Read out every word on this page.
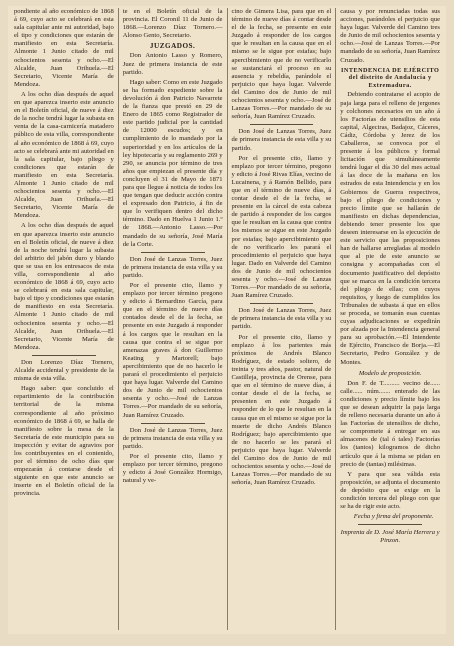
pondiente al año económico de 1868 á 69, cuyo acto se celebrará en esta sala capitular ante mi autoridad, bajo el tipo y condiciones que estarán de manifiesto en esta Secretaría. Almonte 1 Junio citado de mil ochocientos sesenta y ocho.—El Alcalde, Juan Orihuela.—El Secretario, Vicente María de Mendoza.

A los ocho días después de aquel en que aparezca inserto este anuncio en el Boletín oficial, de nueve á diez de la noche tendrá lugar la subasta en venta de la casa-carnicería matadero público de esta villa, correspondiente al año económico de 1868 á 69, cuyo acto se celebrará ante mi autoridad en la sala capitular, bajo pliego y condiciones que estarán de manifiesto en esta Secretaría. Almonte 1 Junio citado de mil ochocientos sesenta y ocho.—El Alcalde, Juan Orihuela.—El Secretario, Vicente María de Mendoza.

A los ocho días después de aquel en que aparezca inserto este anuncio en el Boletín oficial, de nueve á diez de la noche tendrá lugar la subasta del arbitrio del jabón duro y blando que se usa en los entresacos de esta villa, correspondiente al año económico de 1868 á 69, cuyo acto se celebrará en esta sala capitular, bajo el tipo y condiciones que estarán de manifiesto en esta Secretaría. Almonte 1 Junio citado de mil ochocientos sesenta y ocho.—El Alcalde, Juan Orihuela.—El Secretario, Vicente María de Mendoza.

Don Lorenzo Díaz Tornero, Alcalde accidental y presidente de la misma de esta villa.

Hago saber: que concluido el repartimiento de la contribución territorial de la misma correspondiente al año próximo económico de 1868 á 69, se halla de manifiesto sobre la mesa de la Secretaría de este municipio para su inspección y evitar de agravios por los contribuyentes en el contenido, por el término de ocho días que empezarán á contarse desde el siguiente en que este anuncio se inserte en el Boletín oficial de la provincia.

te en el Boletín oficial de la provincia. El Coronil 11 de Junio de 1868.—Lorenzo Díaz Tornero.—Alonso Gento, Secretario.

JUZGADOS.

Don Antonio Lasso y Romero, Juez de primera instancia de este partido.

Hago saber: Como en este Juzgado se ha formado expediente sobre la devolución á don Patricio Navarrete de la fianza que prestó en 29 de Enero de 1865 como Registrador de este partido judicial por la cantidad de 12000 escudos; y en cumplimiento de lo mandado por la superioridad y en los artículos de la ley hipotecaria y su reglamento 269 y 290, se anuncia por término de tres años que empiezan el presente día y concluyen el 31 de Mayo de 1871 para que llegue á noticia de todos los que tengan que deducir acción contra el expresado don Patricio, á fin de que lo verifiquen dentro del dicho término. Dado en Huelva 1 Junio 1.º de 1868.—Antonio Lasso.—Por mandado de su señoría, José María de la Corte.

Don José de Lanzas Torres, Juez de primera instancia de esta villa y su partido.

Por el presente cito, llamo y emplazo por tercer término pregono y edicto á Bernardino García, para que en el término de nueve días contados desde el de la fecha, se presente en este Juzgado á responder á los cargos que le resultan en la causa que contra el se sigue por amenazas graves á don Guillermo Keating y Martorell; bajo apercibimiento que de no hacerlo le parará el procedimiento el perjuicio que haya lugar. Valverde del Camino dos de Junio de mil ochocientos sesenta y ocho.—José de Lanzas Torres.—Por mandado de su señoría, Juan Ramírez Cruzado.

Don José de Lanzas Torres, Juez de primera instancia de esta villa y su partido.

Por el presente cito, llamo y emplazo por tercer término, pregono y edicto á José González Hormigo, natural y ve-

cino de Gimera Lisa, para que en el término de nueve días á contar desde el de la fecha, se presente en este Juzgado á responder de los cargos que le resultan en la causa que en el mismo se le sigue por estafas; bajo apercibimiento que de no verificarlo se sustanciará el proceso en su ausencia y rebeldía, parándole el perjuicio que haya lugar. Valverde del Camino dos de Junio de mil ochocientos sesenta y ocho.—José de Lanzas Torres.—Por mandado de su señoría, Juan Ramírez Cruzado.

Don José de Lanzas Torres, Juez de primera instancia de esta villa y su partido.

Por el presente cito, llamo y emplazo por tercer término, pregono y edicto á José Rivas Elías, vecino de Lucainena, y á Ramón Bellido, para que en el término de nueve días, á contar desde el de la fecha, se presente en la cárcel de esta cabeza de partido á responder de los cargos que le resultan en la causa que contra los mismos se sigue en este Juzgado por estafas; bajo apercibimiento que de no verificarlo les parará el procedimiento el perjuicio que haya lugar. Dado en Valverde del Camino dos de Junio de mil ochocientos sesenta y ocho.—José de Lanzas Torres.—Por mandado de su señoría, Juan Ramírez Cruzado.

Don José de Lanzas Torres, Juez de primera instancia de esta villa y su partido.

Por el presente cito, llamo y emplazo á los parientes más próximos de Andrés Blanco Rodríguez, de estado soltero, de treinta y tres años, pastor, natural de Castilleja, provincia de Orense, para que en el término de nueve días, á contar desde el de la fecha, se presenten en este Juzgado á responder de lo que le resultan en la causa que en el mismo se sigue por la muerte de dicho Andrés Blanco Rodríguez; bajo apercibimiento que de no hacerlo se les parará el perjuicio que haya lugar. Valverde del Camino dos de Junio de mil ochocientos sesenta y ocho.—José de Lanzas Torres.—Por mandado de su señoría, Juan Ramírez Cruzado.

causa y por renunciadas todas sus acciones, parándoles el perjuicio que haya lugar. Valverde del Camino tres de Junio de mil ochocientos sesenta y ocho.—José de Lanzas Torres.—Por mandado de su señoría, Juan Ramírez Cruzado.

INTENDENCIA DE EJÉRCITO del distrito de Andalucía y Extremadura.

Debiendo contratarse el acopio de paja larga para el relleno de jergones y colchones necesarios en un año á los Factorías de utensilios de esta capital, Algeciras, Badajoz, Cáceres, Cádiz, Córdoba y Jerez de los Caballeros, se convoca por el presente á los públicos y formal licitación que simultáneamente tendrá lugar el día 30 del mes actual á las doce de la mañana en los estrados de esta Intendencia y en los Gobiernos de Guerra respectivos, bajo el pliego de condiciones y precio límite que se hallarán de manifiesto en dichas dependencias, debiendo tener presente los que deseen interesarse en la ejecución de este servicio que las proposiciones han de hallarse arregladas al modelo que al pie de este anuncio se consigna y acompañadas con el documento justificativo del depósito que se marca en la condición tercera del pliego de ellas; con cuyos requisitos, y luego de cumplidos los Tribunales de subasta á que en ellos se proceda, se tomarán esas cuentas cuyas adjudicaciones se expedirán por alzada por la Intendencia general para su aprobación.—El Intendente de Ejército, Francisco de Borja.—El Secretario, Pedro González y de Montes.

Modelo de proposición.

Don F. de T.......... vecino de...... calle...... núm....... enterado de las condiciones y precio límite bajo los que se desean adquirir la paja larga de relleno necesaria durante un año á las Factorías de utensilios de dicho, se compromete á entregar en sus almacenes de (tal ó tales) Factorías los (tantos) kilogramos de dicho artículo que á la misma se pidan en precio de (tantas) milésimas.

Y para que sea válida esta proposición, se adjunta el documento de depósito que se exige en la condición tercera del pliego con que se ha de rigir este acto.

Fecha y firma del proponente.

Imprenta de D. José María Herrera y Pinzon.
